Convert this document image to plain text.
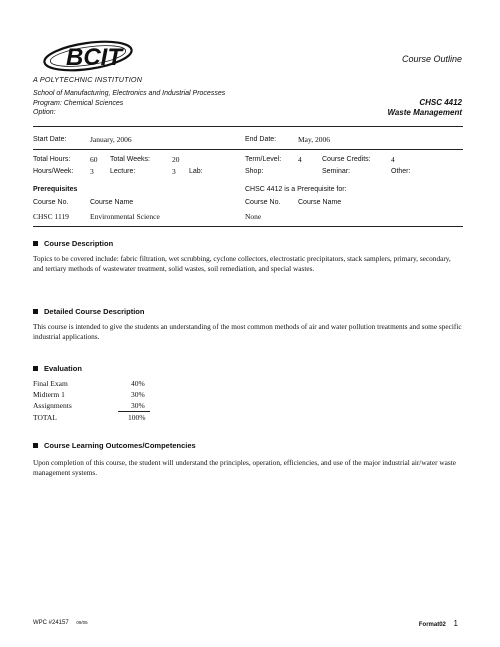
BCIT
A POLYTECHNIC INSTITUTION
Course Outline
School of Manufacturing, Electronics and Industrial Processes
Program: Chemical Sciences
Option:
CHSC 4412
Waste Management
Start Date:	January, 2006	End Date:	May, 2006
Total Hours:	60 Total Weeks:	20	Term/Level: 4	Course Credits:	4
Hours/Week: 3 Lecture:	3 Lab:	Shop:	Seminar:	Other:
Prerequisites
Course No.	Course Name
CHSC 1119	Environmental Science
CHSC 4412 is a Prerequisite for:
Course No.	Course Name
None
Course Description
Topics to be covered include: fabric filtration, wet scrubbing, cyclone collectors, electrostatic precipitators, stack samplers, primary, secondary, and tertiary methods of wastewater treatment, solid wastes, soil remediation, and special wastes.
Detailed Course Description
This course is intended to give the students an understanding of the most common methods of air and water pollution treatments and some specific industrial applications.
Evaluation
Final Exam	40%
Midterm 1	30%
Assignments	30%
TOTAL	100%
Course Learning Outcomes/Competencies
Upon completion of this course, the student will understand the principles, operation, efficiencies, and use of the major industrial air/water waste management systems.
WPC #24157 09/05	Format02 1
